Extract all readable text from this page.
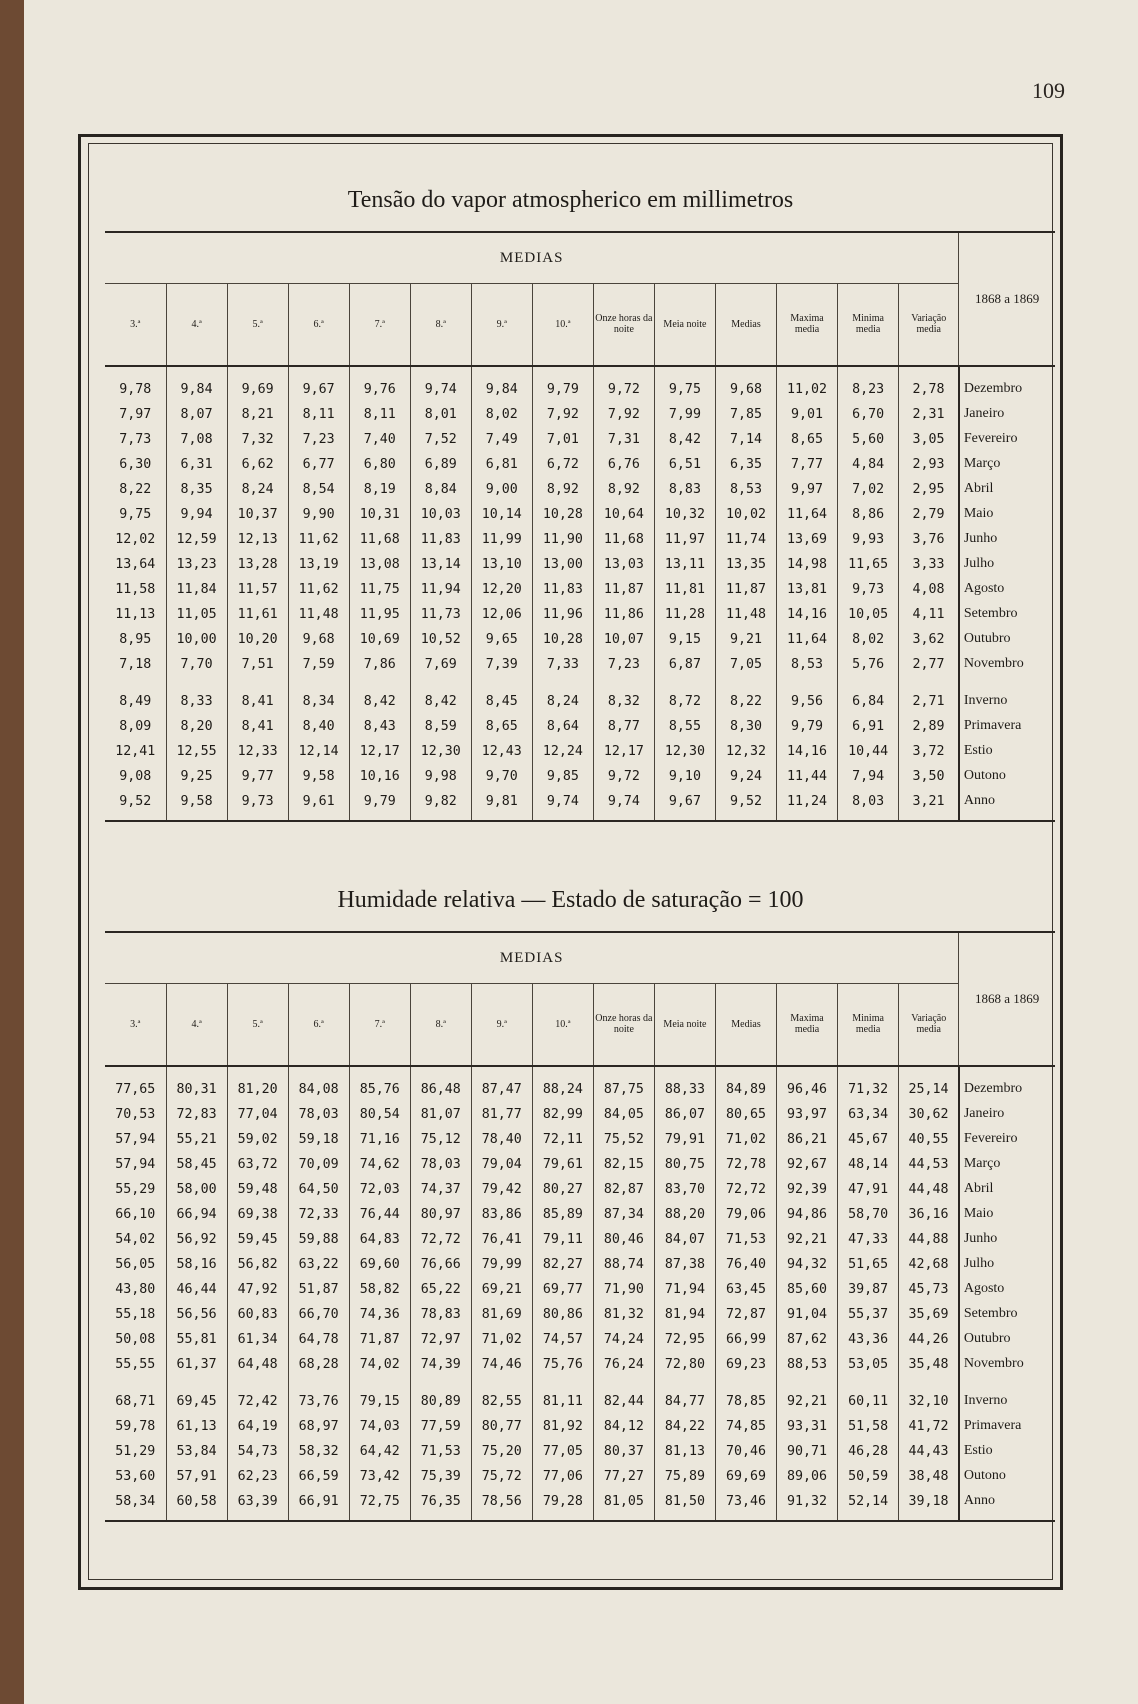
109
Tensão do vapor atmospherico em millimetros
MEDIAS														1868 a 1869
3.ª	4.ª	5.ª	6.ª	7.ª	8.ª	9.ª	10.ª	Onze horas da noite	Meia noite	Medias	Maxima media	Minima media	Variação media	
9,78	9,84	9,69	9,67	9,76	9,74	9,84	9,79	9,72	9,75	9,68	11,02	8,23	2,78	Dezembro
7,97	8,07	8,21	8,11	8,11	8,01	8,02	7,92	7,92	7,99	7,85	9,01	6,70	2,31	Janeiro
7,73	7,08	7,32	7,23	7,40	7,52	7,49	7,01	7,31	8,42	7,14	8,65	5,60	3,05	Fevereiro
6,30	6,31	6,62	6,77	6,80	6,89	6,81	6,72	6,76	6,51	6,35	7,77	4,84	2,93	Março
8,22	8,35	8,24	8,54	8,19	8,84	9,00	8,92	8,92	8,83	8,53	9,97	7,02	2,95	Abril
9,75	9,94	10,37	9,90	10,31	10,03	10,14	10,28	10,64	10,32	10,02	11,64	8,86	2,79	Maio
12,02	12,59	12,13	11,62	11,68	11,83	11,99	11,90	11,68	11,97	11,74	13,69	9,93	3,76	Junho
13,64	13,23	13,28	13,19	13,08	13,14	13,10	13,00	13,03	13,11	13,35	14,98	11,65	3,33	Julho
11,58	11,84	11,57	11,62	11,75	11,94	12,20	11,83	11,87	11,81	11,87	13,81	9,73	4,08	Agosto
11,13	11,05	11,61	11,48	11,95	11,73	12,06	11,96	11,86	11,28	11,48	14,16	10,05	4,11	Setembro
8,95	10,00	10,20	9,68	10,69	10,52	9,65	10,28	10,07	9,15	9,21	11,64	8,02	3,62	Outubro
7,18	7,70	7,51	7,59	7,86	7,69	7,39	7,33	7,23	6,87	7,05	8,53	5,76	2,77	Novembro
8,49	8,33	8,41	8,34	8,42	8,42	8,45	8,24	8,32	8,72	8,22	9,56	6,84	2,71	Inverno
8,09	8,20	8,41	8,40	8,43	8,59	8,65	8,64	8,77	8,55	8,30	9,79	6,91	2,89	Primavera
12,41	12,55	12,33	12,14	12,17	12,30	12,43	12,24	12,17	12,30	12,32	14,16	10,44	3,72	Estio
9,08	9,25	9,77	9,58	10,16	9,98	9,70	9,85	9,72	9,10	9,24	11,44	7,94	3,50	Outono
9,52	9,58	9,73	9,61	9,79	9,82	9,81	9,74	9,74	9,67	9,52	11,24	8,03	3,21	Anno
Humidade relativa — Estado de saturação = 100
MEDIAS														1868 a 1869
3.ª	4.ª	5.ª	6.ª	7.ª	8.ª	9.ª	10.ª	Onze horas da noite	Meia noite	Medias	Maxima media	Minima media	Variação media	
77,65	80,31	81,20	84,08	85,76	86,48	87,47	88,24	87,75	88,33	84,89	96,46	71,32	25,14	Dezembro
70,53	72,83	77,04	78,03	80,54	81,07	81,77	82,99	84,05	86,07	80,65	93,97	63,34	30,62	Janeiro
57,94	55,21	59,02	59,18	71,16	75,12	78,40	72,11	75,52	79,91	71,02	86,21	45,67	40,55	Fevereiro
57,94	58,45	63,72	70,09	74,62	78,03	79,04	79,61	82,15	80,75	72,78	92,67	48,14	44,53	Março
55,29	58,00	59,48	64,50	72,03	74,37	79,42	80,27	82,87	83,70	72,72	92,39	47,91	44,48	Abril
66,10	66,94	69,38	72,33	76,44	80,97	83,86	85,89	87,34	88,20	79,06	94,86	58,70	36,16	Maio
54,02	56,92	59,45	59,88	64,83	72,72	76,41	79,11	80,46	84,07	71,53	92,21	47,33	44,88	Junho
56,05	58,16	56,82	63,22	69,60	76,66	79,99	82,27	88,74	87,38	76,40	94,32	51,65	42,68	Julho
43,80	46,44	47,92	51,87	58,82	65,22	69,21	69,77	71,90	71,94	63,45	85,60	39,87	45,73	Agosto
55,18	56,56	60,83	66,70	74,36	78,83	81,69	80,86	81,32	81,94	72,87	91,04	55,37	35,69	Setembro
50,08	55,81	61,34	64,78	71,87	72,97	71,02	74,57	74,24	72,95	66,99	87,62	43,36	44,26	Outubro
55,55	61,37	64,48	68,28	74,02	74,39	74,46	75,76	76,24	72,80	69,23	88,53	53,05	35,48	Novembro
68,71	69,45	72,42	73,76	79,15	80,89	82,55	81,11	82,44	84,77	78,85	92,21	60,11	32,10	Inverno
59,78	61,13	64,19	68,97	74,03	77,59	80,77	81,92	84,12	84,22	74,85	93,31	51,58	41,72	Primavera
51,29	53,84	54,73	58,32	64,42	71,53	75,20	77,05	80,37	81,13	70,46	90,71	46,28	44,43	Estio
53,60	57,91	62,23	66,59	73,42	75,39	75,72	77,06	77,27	75,89	69,69	89,06	50,59	38,48	Outono
58,34	60,58	63,39	66,91	72,75	76,35	78,56	79,28	81,05	81,50	73,46	91,32	52,14	39,18	Anno
